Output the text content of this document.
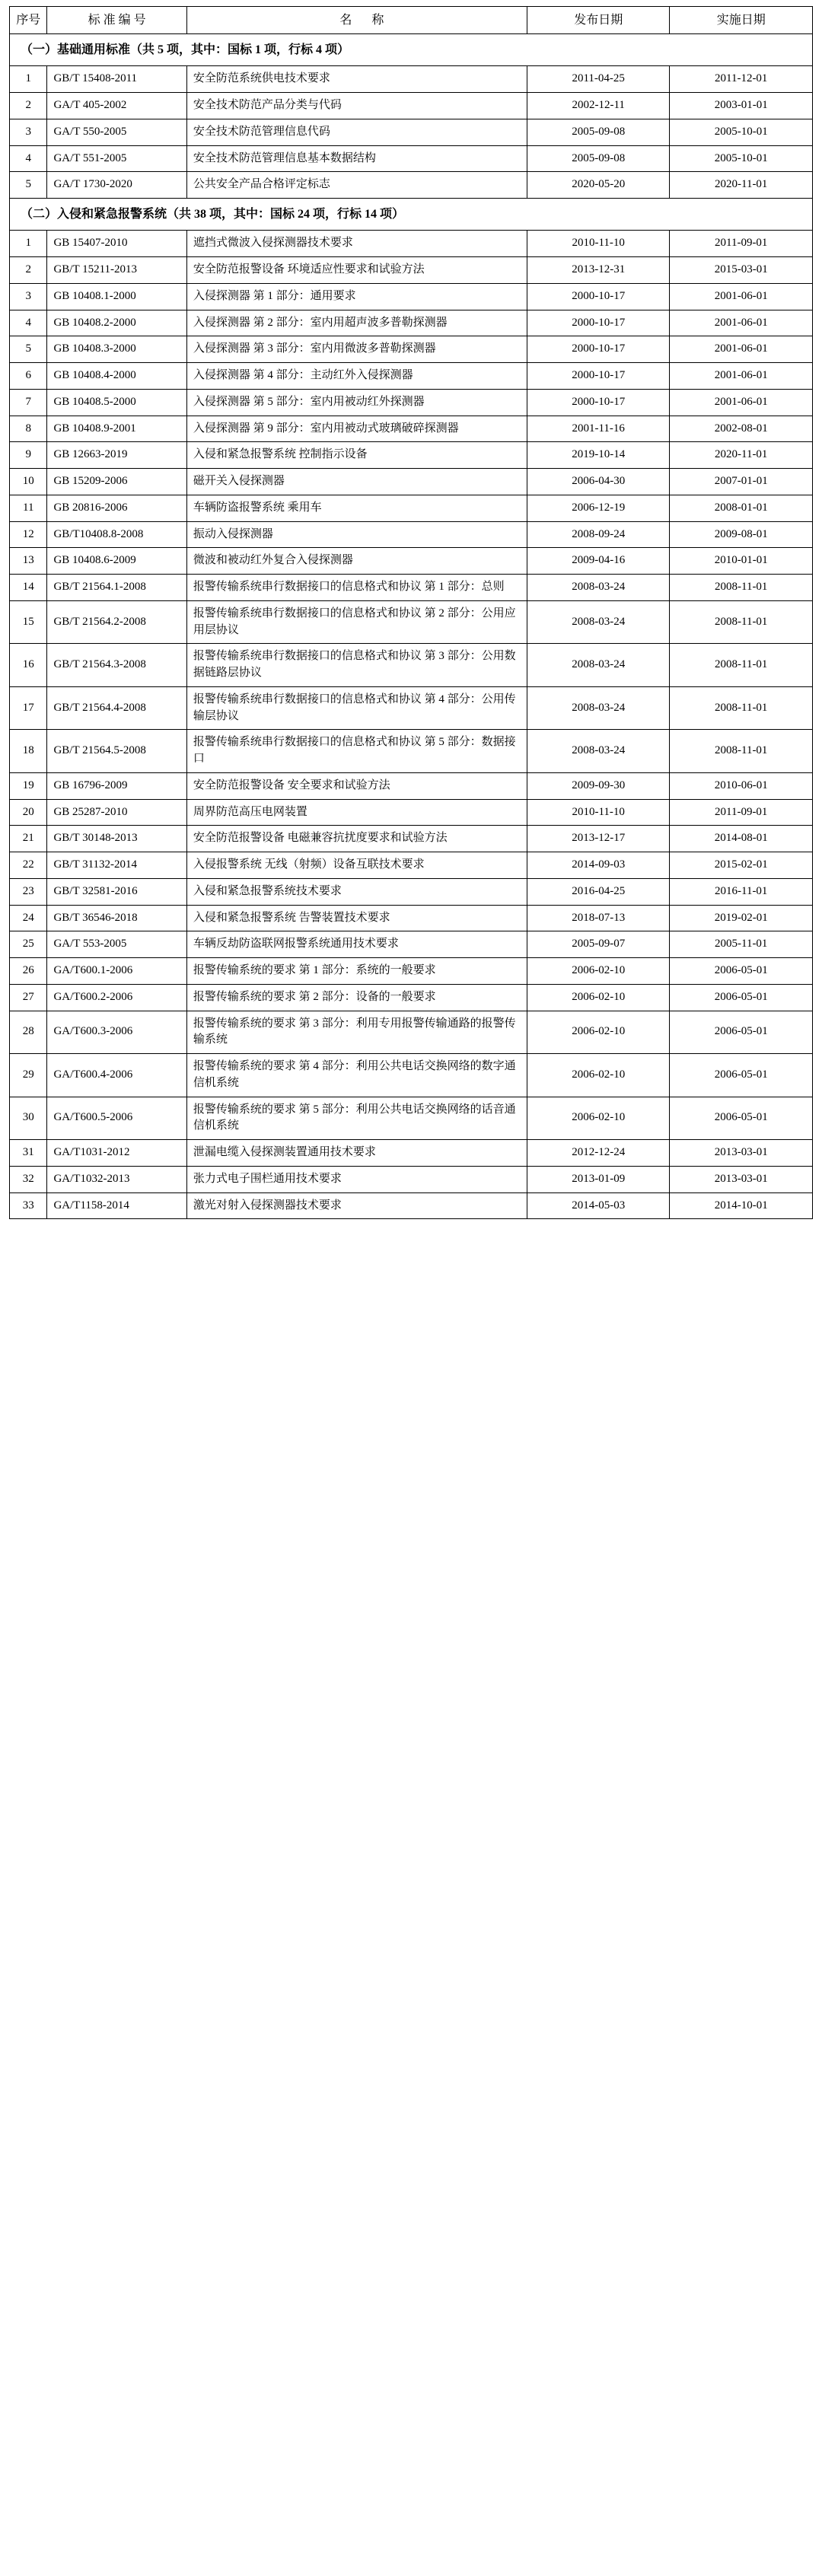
序号	标 准 编 号	名称	发布日期	实施日期
（一）基础通用标准（共 5 项，其中：国标 1 项，行标 4 项）				
1	GB/T 15408-2011	安全防范系统供电技术要求	2011-04-25	2011-12-01
2	GA/T 405-2002	安全技术防范产品分类与代码	2002-12-11	2003-01-01
3	GA/T 550-2005	安全技术防范管理信息代码	2005-09-08	2005-10-01
4	GA/T 551-2005	安全技术防范管理信息基本数据结构	2005-09-08	2005-10-01
5	GA/T 1730-2020	公共安全产品合格评定标志	2020-05-20	2020-11-01
（二）入侵和紧急报警系统（共 38 项，其中：国标 24 项，行标 14 项）				
1	GB 15407-2010	遮挡式微波入侵探测器技术要求	2010-11-10	2011-09-01
2	GB/T 15211-2013	安全防范报警设备 环境适应性要求和试验方法	2013-12-31	2015-03-01
3	GB 10408.1-2000	入侵探测器 第 1 部分：通用要求	2000-10-17	2001-06-01
4	GB 10408.2-2000	入侵探测器 第 2 部分：室内用超声波多普勒探测器	2000-10-17	2001-06-01
5	GB 10408.3-2000	入侵探测器 第 3 部分：室内用微波多普勒探测器	2000-10-17	2001-06-01
6	GB 10408.4-2000	入侵探测器 第 4 部分：主动红外入侵探测器	2000-10-17	2001-06-01
7	GB 10408.5-2000	入侵探测器 第 5 部分：室内用被动红外探测器	2000-10-17	2001-06-01
8	GB 10408.9-2001	入侵探测器 第 9 部分：室内用被动式玻璃破碎探测器	2001-11-16	2002-08-01
9	GB 12663-2019	入侵和紧急报警系统 控制指示设备	2019-10-14	2020-11-01
10	GB 15209-2006	磁开关入侵探测器	2006-04-30	2007-01-01
11	GB 20816-2006	车辆防盗报警系统 乘用车	2006-12-19	2008-01-01
12	GB/T10408.8-2008	振动入侵探测器	2008-09-24	2009-08-01
13	GB 10408.6-2009	微波和被动红外复合入侵探测器	2009-04-16	2010-01-01
14	GB/T 21564.1-2008	报警传输系统串行数据接口的信息格式和协议 第 1 部分：总则	2008-03-24	2008-11-01
15	GB/T 21564.2-2008	报警传输系统串行数据接口的信息格式和协议 第 2 部分：公用应用层协议	2008-03-24	2008-11-01
16	GB/T 21564.3-2008	报警传输系统串行数据接口的信息格式和协议 第 3 部分：公用数据链路层协议	2008-03-24	2008-11-01
17	GB/T 21564.4-2008	报警传输系统串行数据接口的信息格式和协议 第 4 部分：公用传输层协议	2008-03-24	2008-11-01
18	GB/T 21564.5-2008	报警传输系统串行数据接口的信息格式和协议 第 5 部分：数据接口	2008-03-24	2008-11-01
19	GB 16796-2009	安全防范报警设备 安全要求和试验方法	2009-09-30	2010-06-01
20	GB 25287-2010	周界防范高压电网装置	2010-11-10	2011-09-01
21	GB/T 30148-2013	安全防范报警设备 电磁兼容抗扰度要求和试验方法	2013-12-17	2014-08-01
22	GB/T 31132-2014	入侵报警系统 无线（射频）设备互联技术要求	2014-09-03	2015-02-01
23	GB/T 32581-2016	入侵和紧急报警系统技术要求	2016-04-25	2016-11-01
24	GB/T 36546-2018	入侵和紧急报警系统 告警装置技术要求	2018-07-13	2019-02-01
25	GA/T 553-2005	车辆反劫防盗联网报警系统通用技术要求	2005-09-07	2005-11-01
26	GA/T600.1-2006	报警传输系统的要求 第 1 部分：系统的一般要求	2006-02-10	2006-05-01
27	GA/T600.2-2006	报警传输系统的要求 第 2 部分：设备的一般要求	2006-02-10	2006-05-01
28	GA/T600.3-2006	报警传输系统的要求 第 3 部分：利用专用报警传输通路的报警传输系统	2006-02-10	2006-05-01
29	GA/T600.4-2006	报警传输系统的要求 第 4 部分：利用公共电话交换网络的数字通信机系统	2006-02-10	2006-05-01
30	GA/T600.5-2006	报警传输系统的要求 第 5 部分：利用公共电话交换网络的话音通信机系统	2006-02-10	2006-05-01
31	GA/T1031-2012	泄漏电缆入侵探测装置通用技术要求	2012-12-24	2013-03-01
32	GA/T1032-2013	张力式电子围栏通用技术要求	2013-01-09	2013-03-01
33	GA/T1158-2014	激光对射入侵探测器技术要求	2014-05-03	2014-10-01
